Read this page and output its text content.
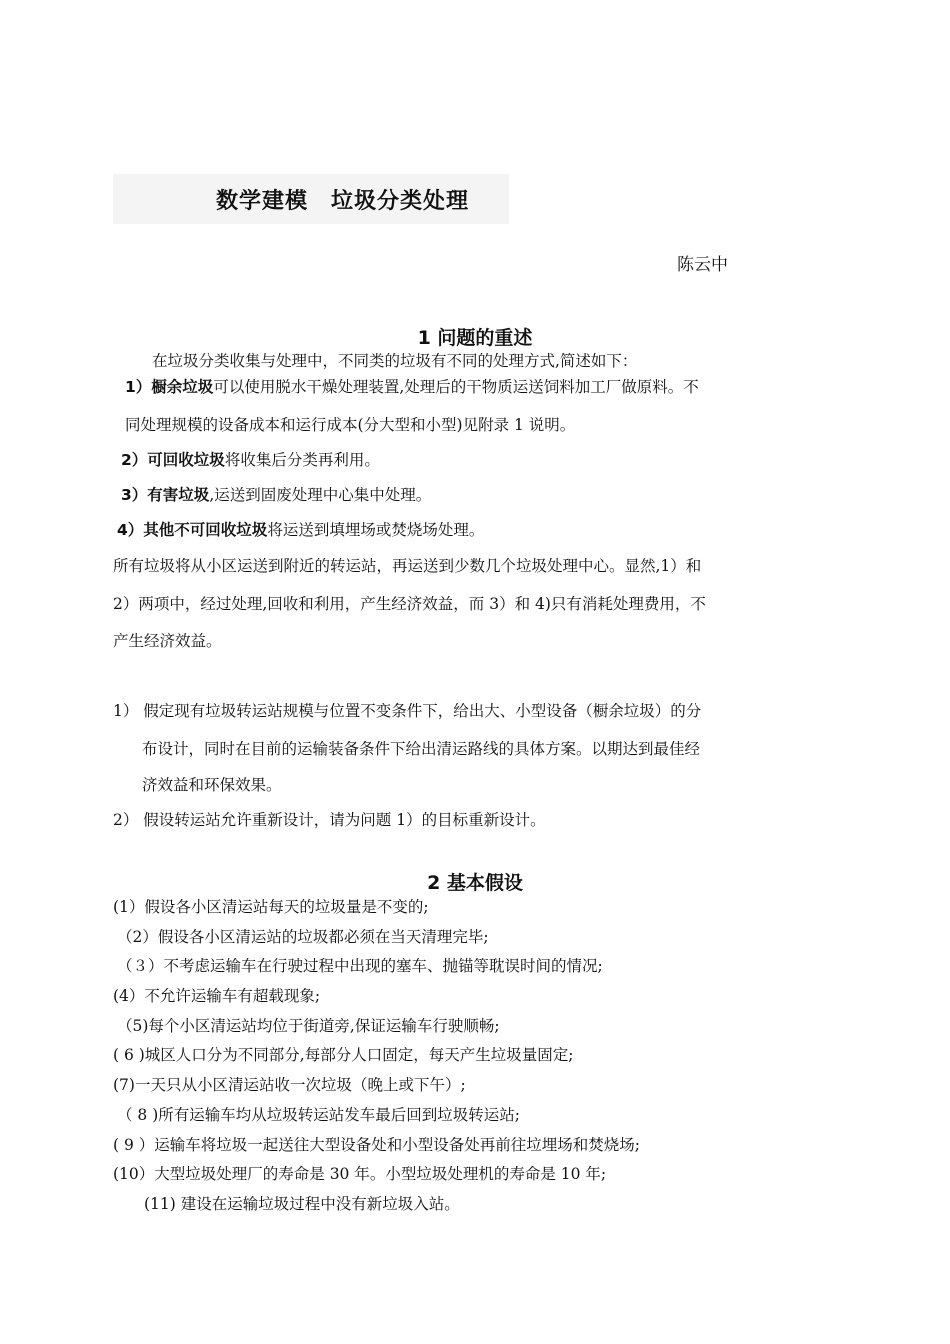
数学建模　垃圾分类处理
陈云中
1 问题的重述
在垃圾分类收集与处理中，不同类的垃圾有不同的处理方式,简述如下：
1）橱余垃圾可以使用脱水干燥处理装置,处理后的干物质运送饲料加工厂做原料。不
同处理规模的设备成本和运行成本(分大型和小型)见附录 1 说明。
2）可回收垃圾将收集后分类再利用。
3）有害垃圾,运送到固废处理中心集中处理。
4）其他不可回收垃圾将运送到填埋场或焚烧场处理。
所有垃圾将从小区运送到附近的转运站，再运送到少数几个垃圾处理中心。显然,1）和
2）两项中，经过处理,回收和利用，产生经济效益，而 3）和 4)只有消耗处理费用，不
产生经济效益。
1） 假定现有垃圾转运站规模与位置不变条件下，给出大、小型设备（橱余垃圾）的分
布设计，同时在目前的运输装备条件下给出清运路线的具体方案。以期达到最佳经
济效益和环保效果。
2） 假设转运站允许重新设计，请为问题 1）的目标重新设计。
2 基本假设
(1）假设各小区清运站每天的垃圾量是不变的;
（2）假设各小区清运站的垃圾都必须在当天清理完毕;
（３）不考虑运输车在行驶过程中出现的塞车、抛锚等耽误时间的情况;
(4）不允许运输车有超载现象;
（5)每个小区清运站均位于街道旁,保证运输车行驶顺畅;
( 6 )城区人口分为不同部分,每部分人口固定，每天产生垃圾量固定;
(7)一天只从小区清运站收一次垃圾（晚上或下午）;
（ 8 )所有运输车均从垃圾转运站发车最后回到垃圾转运站;
( 9 ）运输车将垃圾一起送往大型设备处和小型设备处再前往垃埋场和焚烧场;
(10）大型垃圾处理厂的寿命是 30 年。小型垃圾处理机的寿命是 10 年;
(11) 建设在运输垃圾过程中没有新垃圾入站。
